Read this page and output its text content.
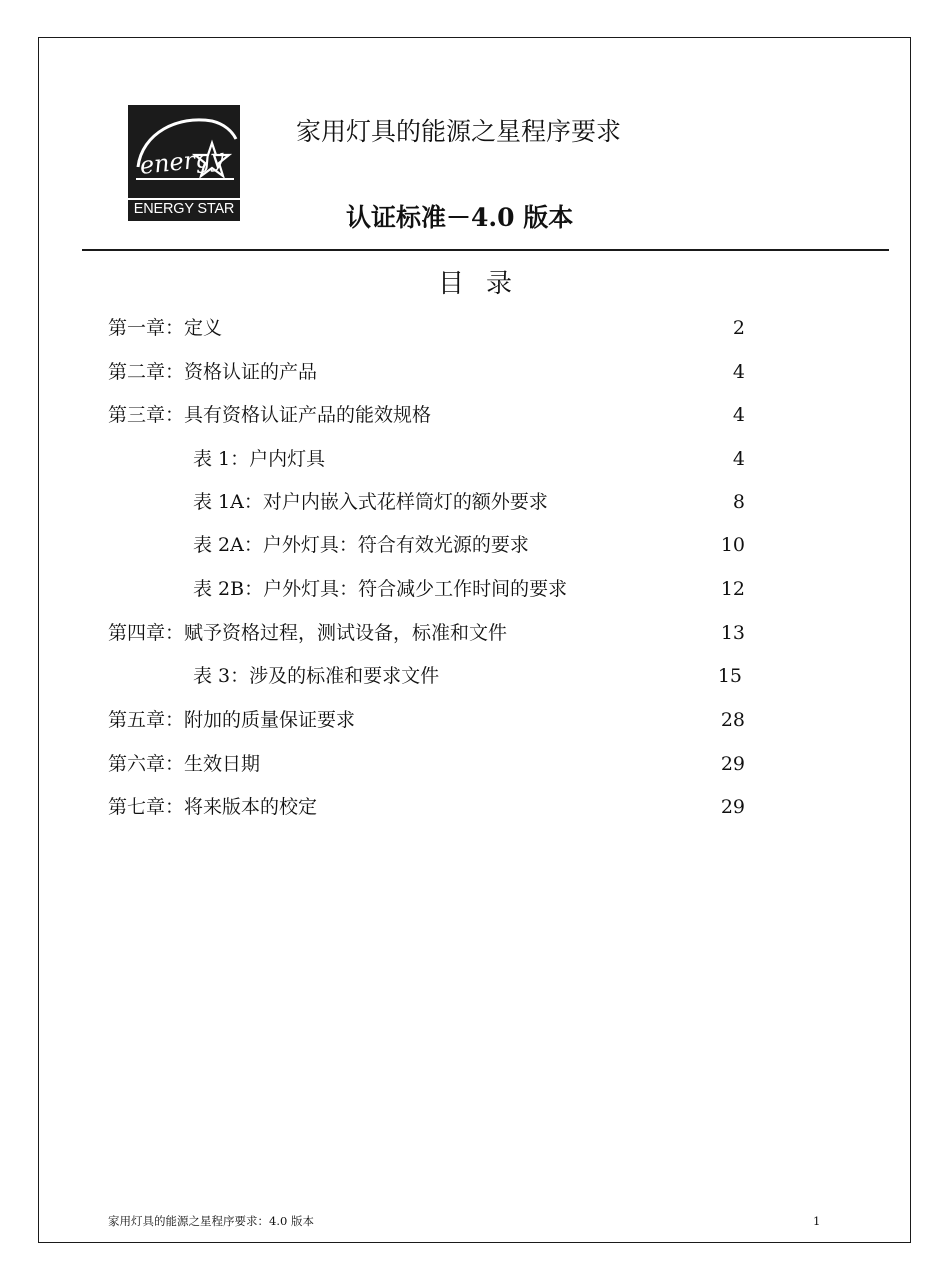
energy
ENERGY STAR
家用灯具的能源之星程序要求
认证标准－4.0 版本
目 录
第一章：定义	2
第二章：资格认证的产品	4
第三章：具有资格认证产品的能效规格	4
表 1：户内灯具	4
表 1A：对户内嵌入式花样筒灯的额外要求	8
表 2A：户外灯具：符合有效光源的要求	10
表 2B：户外灯具：符合减少工作时间的要求	12
第四章：赋予资格过程，测试设备，标准和文件	13
表 3：涉及的标准和要求文件	15
第五章：附加的质量保证要求	28
第六章：生效日期	29
第七章：将来版本的校定	29
家用灯具的能源之星程序要求：4.0 版本	1
